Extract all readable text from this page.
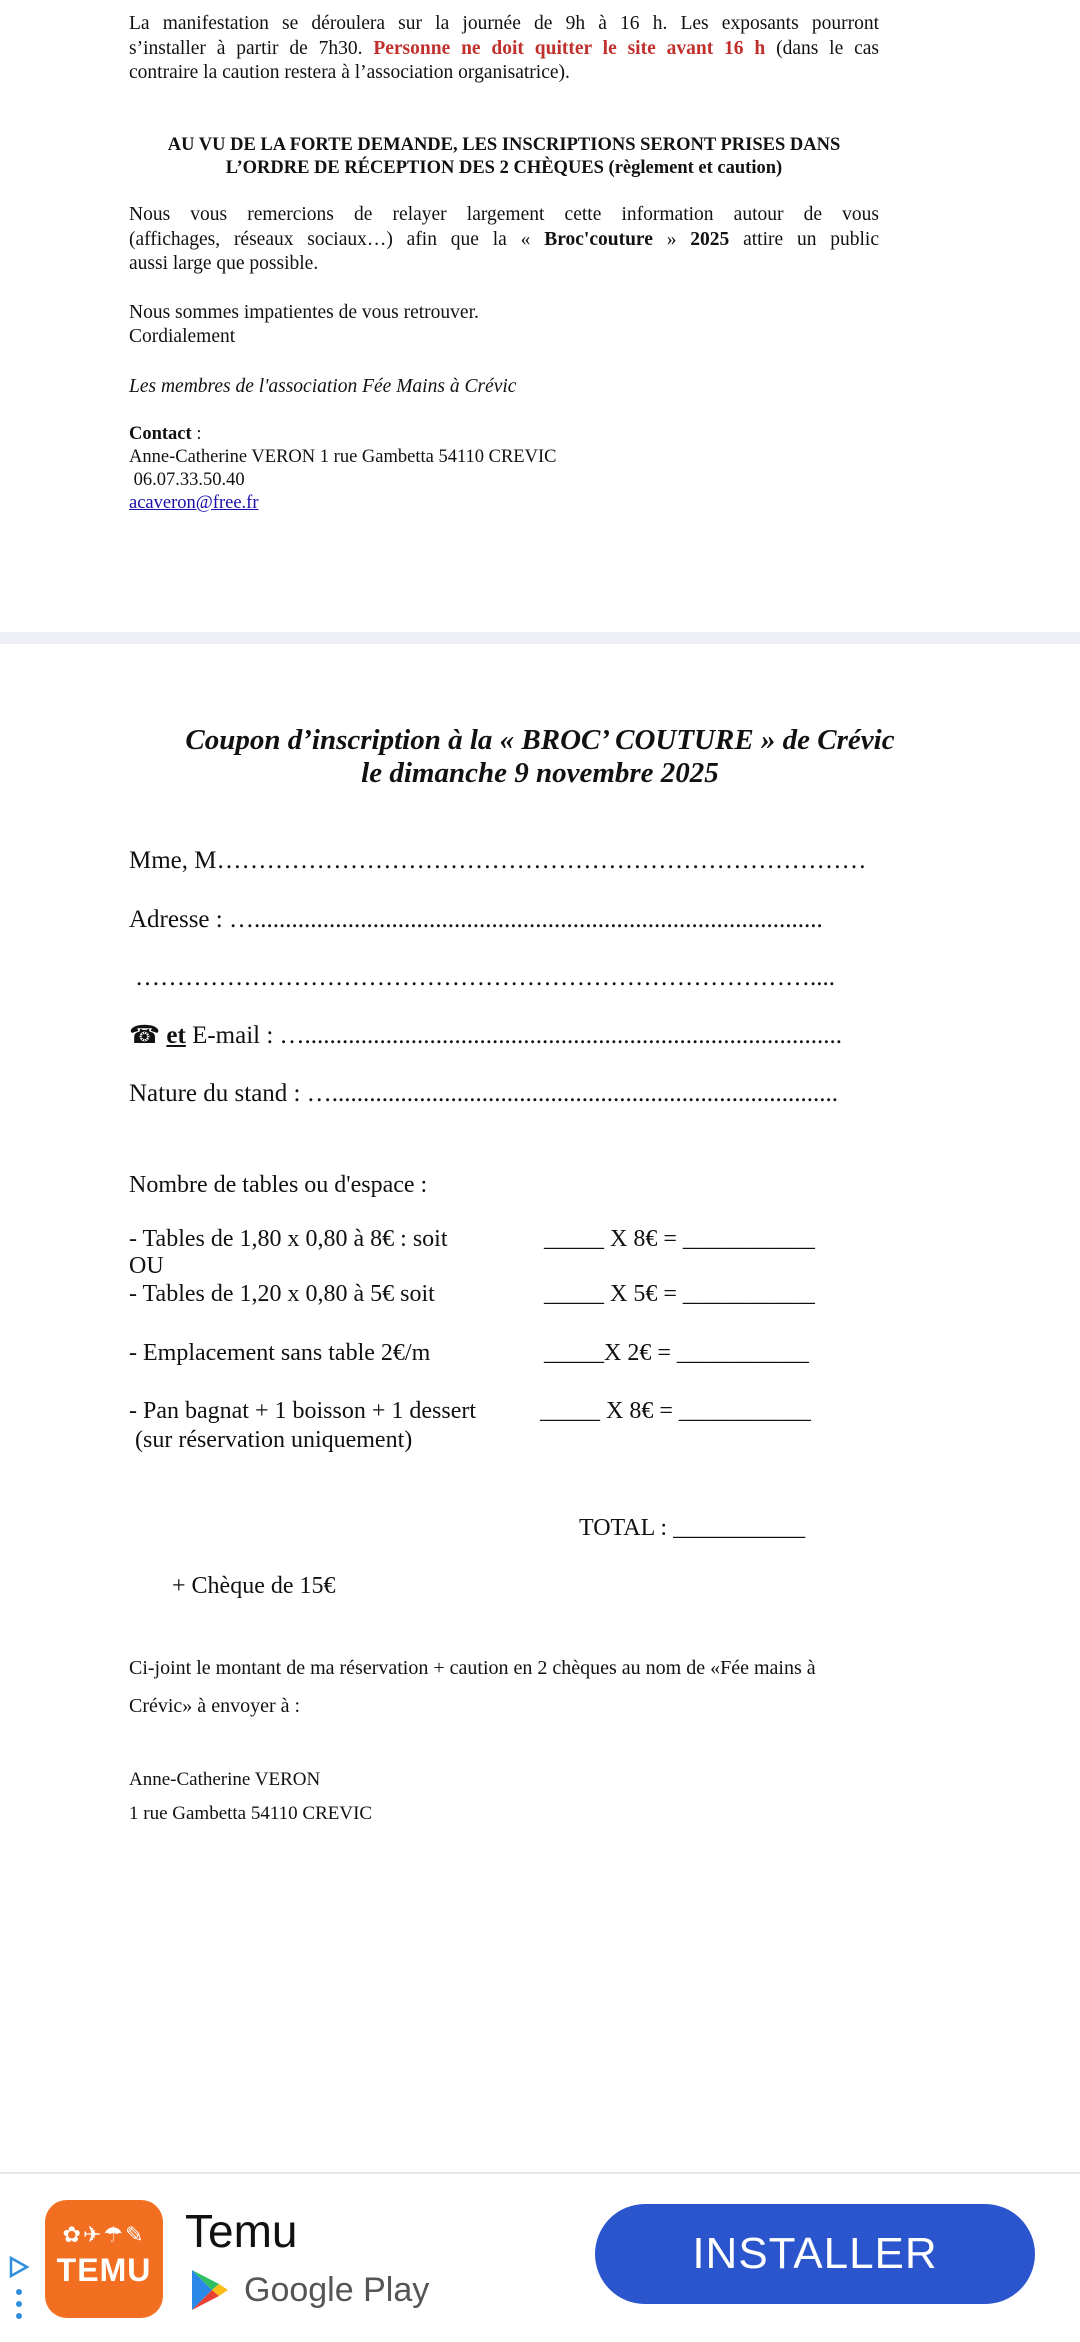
La manifestation se déroulera sur la journée de 9h à 16 h. Les exposants pourront

s’installer à partir de 7h30. Personne ne doit quitter le site avant 16 h (dans le cas

contraire la caution restera à l’association organisatrice).

AU VU DE LA FORTE DEMANDE, LES INSCRIPTIONS SERONT PRISES DANS

L’ORDRE DE RÉCEPTION DES 2 CHÈQUES (règlement et caution)

Nous vous remercions de relayer largement cette information autour de vous

(affichages, réseaux sociaux…) afin que la « Broc'couture » 2025 attire un public

aussi large que possible.

Nous sommes impatientes de vous retrouver.

Cordialement

Les membres de l'association Fée Mains à Crévic

Contact :

Anne-Catherine VERON 1 rue Gambetta 54110 CREVIC

06.07.33.50.40

acaveron@free.fr

Coupon d’inscription à la « BROC’ COUTURE » de Crévic
le dimanche 9 novembre 2025
Mme, M……………………………………………………………………
Adresse : …...........................................................................................
………………………………………………………………………....
☎ et E-mail : …......................................................................................
Nature du stand : ….................................................................................
Nombre de tables ou d'espace :
- Tables de 1,80 x 0,80 à 8€ : soit	_____ X 8€ = ___________
OU
- Tables de 1,20 x 0,80 à 5€ soit	_____ X 5€ = ___________
- Emplacement sans table 2€/m	_____X 2€ = ___________
- Pan bagnat + 1 boisson + 1 dessert	_____ X 8€ = ___________
(sur réservation uniquement)
TOTAL : ___________
+ Chèque de 15€
Ci-joint le montant de ma réservation + caution en 2 chèques au nom de «Fée mains à
Crévic» à envoyer à :
Anne-Catherine VERON
1 rue Gambetta 54110 CREVIC
✿✈☂✎
TEMU
Temu
Google Play
INSTALLER
